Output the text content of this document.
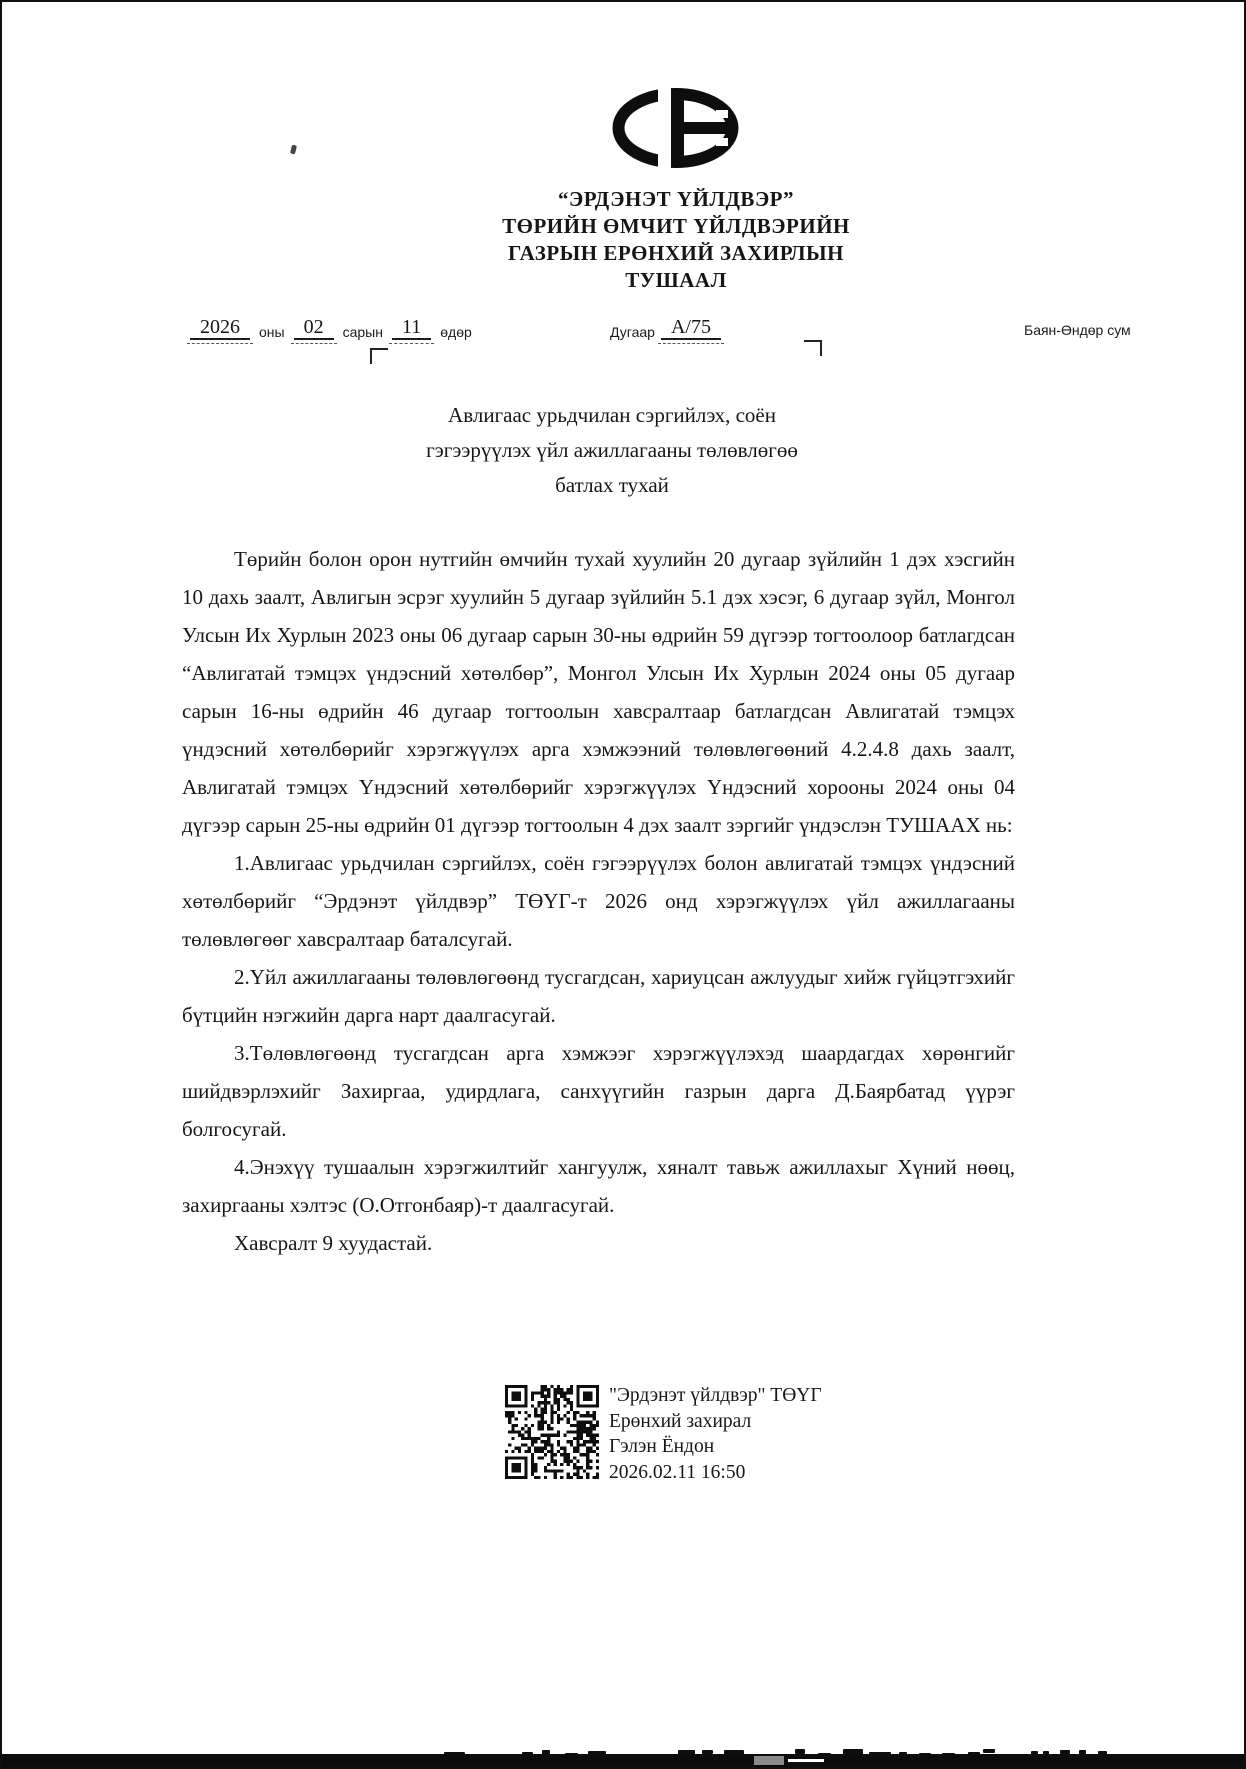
“ЭРДЭНЭТ ҮЙЛДВЭР”
ТӨРИЙН ӨМЧИТ ҮЙЛДВЭРИЙН
ГАЗРЫН ЕРӨНХИЙ ЗАХИРЛЫН
ТУШААЛ
2026	оны 02	сарын 11	өдөр	Дугаар А/75	Баян-Өндөр сум
Авлигаас урьдчилан сэргийлэх, соён
гэгээрүүлэх үйл ажиллагааны төлөвлөгөө
батлах тухай

Төрийн болон орон нутгийн өмчийн тухай хуулийн 20 дугаар зүйлийн 1 дэх хэсгийн 10 дахь заалт, Авлигын эсрэг хуулийн 5 дугаар зүйлийн 5.1 дэх хэсэг, 6 дугаар зүйл, Монгол Улсын Их Хурлын 2023 оны 06 дугаар сарын 30-ны өдрийн 59 дүгээр тогтоолоор батлагдсан “Авлигатай тэмцэх үндэсний хөтөлбөр”, Монгол Улсын Их Хурлын 2024 оны 05 дугаар сарын 16-ны өдрийн 46 дугаар тогтоолын хавсралтаар батлагдсан Авлигатай тэмцэх үндэсний хөтөлбөрийг хэрэгжүүлэх арга хэмжээний төлөвлөгөөний 4.2.4.8 дахь заалт, Авлигатай тэмцэх Үндэсний хөтөлбөрийг хэрэгжүүлэх Үндэсний хорооны 2024 оны 04 дүгээр сарын 25-ны өдрийн 01 дүгээр тогтоолын 4 дэх заалт зэргийг үндэслэн ТУШААХ нь:

1.Авлигаас урьдчилан сэргийлэх, соён гэгээрүүлэх болон авлигатай тэмцэх үндэсний хөтөлбөрийг “Эрдэнэт үйлдвэр” ТӨҮГ-т 2026 онд хэрэгжүүлэх үйл ажиллагааны төлөвлөгөөг хавсралтаар баталсугай.

2.Үйл ажиллагааны төлөвлөгөөнд тусгагдсан, хариуцсан ажлуудыг хийж гүйцэтгэхийг бүтцийн нэгжийн дарга нарт даалгасугай.

3.Төлөвлөгөөнд тусгагдсан арга хэмжээг хэрэгжүүлэхэд шаардагдах хөрөнгийг шийдвэрлэхийг Захиргаа, удирдлага, санхүүгийн газрын дарга Д.Баярбатад үүрэг болгосугай.

4.Энэхүү тушаалын хэрэгжилтийг хангуулж, хяналт тавьж ажиллахыг Хүний нөөц, захиргааны хэлтэс (О.Отгонбаяр)-т даалгасугай.

Хавсралт 9 хуудастай.

"Эрдэнэт үйлдвэр" ТӨҮГ
Ерөнхий захирал
Гэлэн Ёндон
2026.02.11 16:50
